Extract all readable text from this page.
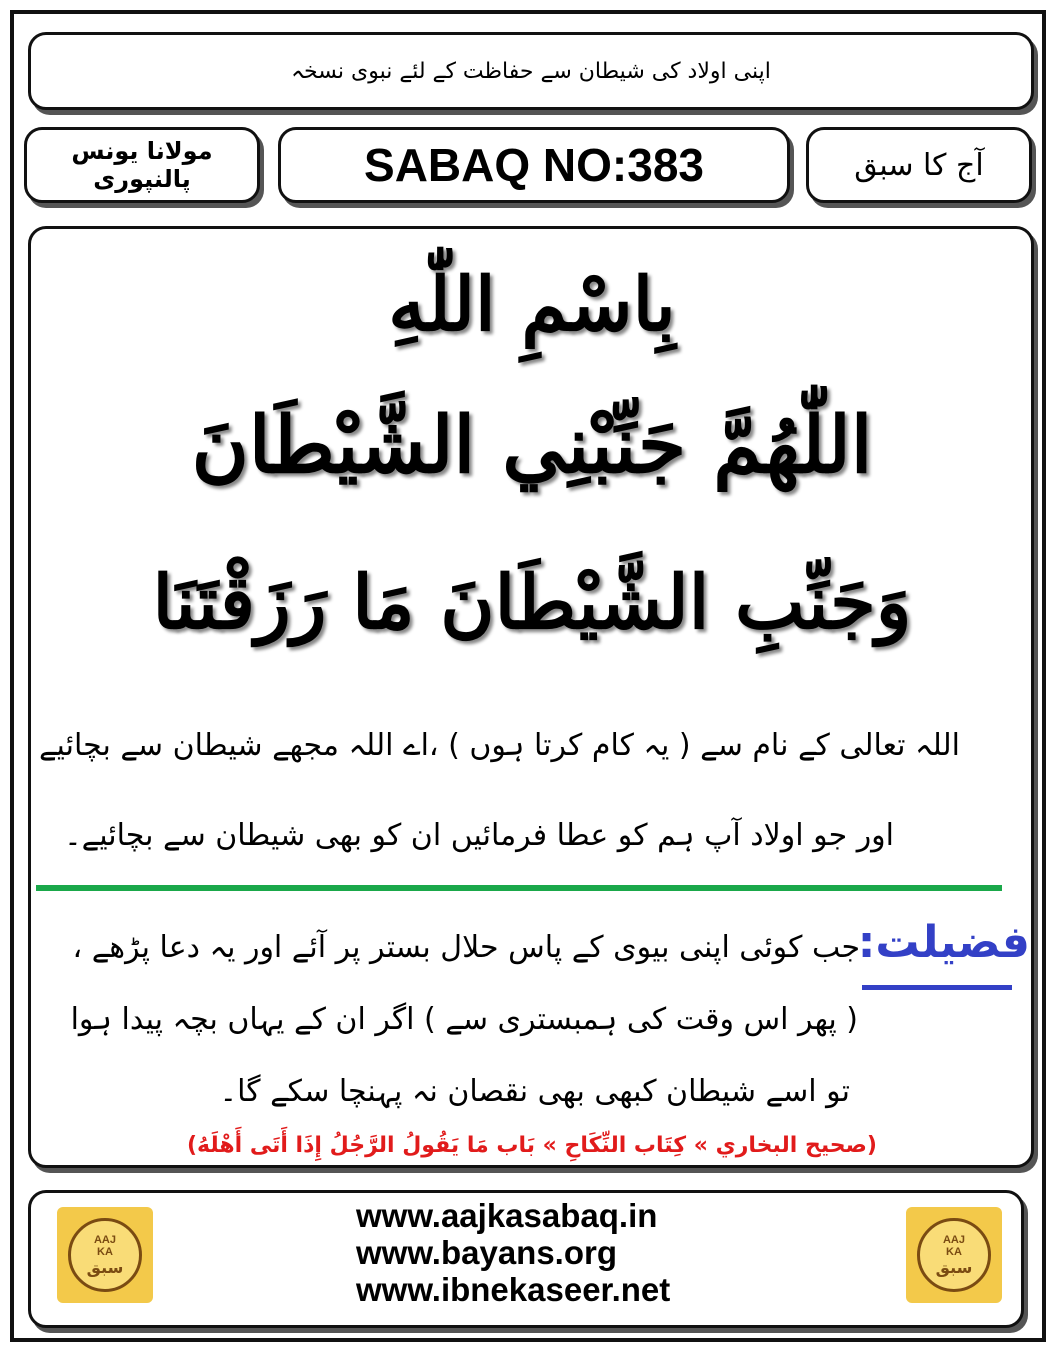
اپنی اولاد کی شیطان سے حفاظت کے لئے نبوی نسخہ
مولانا یونس پالنپوری	SABAQ NO:383	آج کا سبق
بِاسْمِ اللّٰهِ
اللّٰهُمَّ جَنِّبْنِي الشَّيْطَانَ
وَجَنِّبِ الشَّيْطَانَ مَا رَزَقْتَنَا
اللہ تعالی کے نام سے ( یہ کام کرتا ہوں ) ،اے اللہ مجھے شیطان سے بچائیے
اور جو اولاد آپ ہم کو عطا فرمائیں ان کو بھی شیطان سے بچائیے۔
فضیلت:
جب کوئی اپنی بیوی کے پاس حلال بستر پر آئے اور یہ دعا پڑھے ،
( پھر اس وقت کی ہمبستری سے ) اگر ان کے یہاں بچہ پیدا ہوا
تو اسے شیطان کبھی بھی نقصان نہ پہنچا سکے گا۔
(صحيح البخاري » كِتَاب النِّكَاحِ » بَاب مَا يَقُولُ الرَّجُلُ إِذَا أَتَى أَهْلَهُ)
AAJ
KA
سبق
www.aajkasabaq.in
www.bayans.org
www.ibnekaseer.net
AAJ
KA
سبق
